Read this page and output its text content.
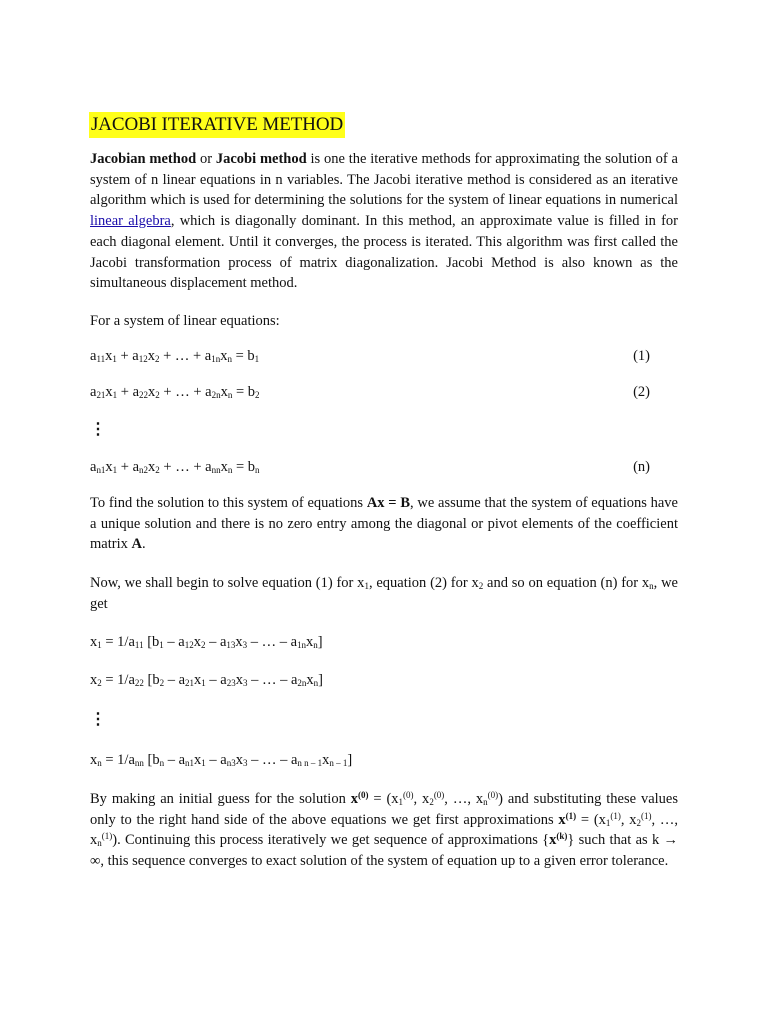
JACOBI ITERATIVE METHOD

Jacobian method or Jacobi method is one the iterative methods for approximating the solution of a system of n linear equations in n variables. The Jacobi iterative method is considered as an iterative algorithm which is used for determining the solutions for the system of linear equations in numerical linear algebra, which is diagonally dominant. In this method, an approximate value is filled in for each diagonal element. Until it converges, the process is iterated. This algorithm was first called the Jacobi transformation process of matrix diagonalization. Jacobi Method is also known as the simultaneous displacement method.

For a system of linear equations:
$a_{11}x_1 + a_{12}x_2$ + … + $a_{1n}x_n = b_1$	(1)
$a_{21}x_1 + a_{22}x_2$ + … + $a_{2n}x_n = b_2$	(2)
⋮
$a_{n1}x_1 + a_{n2}x_2$ + … + $a_{nn}x_n = b_n$	(n)

To find the solution to this system of equations Ax = B, we assume that the system of equations have a unique solution and there is no zero entry among the diagonal or pivot elements of the coefficient matrix A.

Now, we shall begin to solve equation (1) for $x_1$, equation (2) for $x_2$ and so on equation (n) for $x_n$, we get

$x_1 = 1/a_{11}$ [$b_1 - a_{12}x_2 - a_{13}x_3$ – … – $a_{1n}x_n$]
$x_2 = 1/a_{22}$ [$b_2 - a_{21}x_1 - a_{23}x_3$ – … – $a_{2n}x_n$]
⋮
$x_n = 1/a_{nn}$ [$b_n - a_{n1}x_1 - a_{n3}x_3$ – … – $a_{n n - 1}x_{n - 1}$]

By making an initial guess for the solution $x^{(0)} = (x_1^{(0)}$, $x_2^{(0)}$, …, $x_n^{(0)}$) and substituting these values only to the right hand side of the above equations we get first approximations $x^{(1)} = (x_1^{(1)}$, $x_2^{(1)}$, …, $x_n^{(1)}$). Continuing this process iteratively we get sequence of approximations $\{x^{(k)}\}$ such that as k → ∞, this sequence converges to exact solution of the system of equation up to a given error tolerance.
